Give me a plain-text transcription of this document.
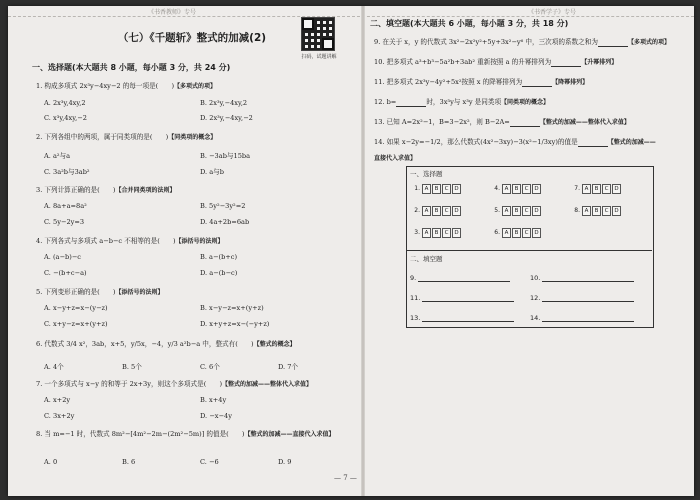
《书香教师》专号	《书香学子》专号
（七）《千题斩》整式的加减(2)
扫码，试题讲解
一、选择题(本大题共 8 小题，每小题 3 分，共 24 分)
1. 构成多项式 2x³y−4xy−2 的每一项是(　　)【多项式的项】
A. 2x³y,4xy,2	B. 2x³y,−4xy,2
C. x³y,4xy,−2	D. 2x³y,−4xy,−2
2. 下列各组中的两项，属于同类项的是(　　)【同类项的概念】
A. a²与a	B. −3ab与15ba
C. 3a²b与3ab²	D. a与b
3. 下列计算正确的是(　　)【合并同类项的法则】
A. 8a+a=8a²	B. 5y²−3y²=2
C. 5y−2y=3	D. 4a+2b=6ab
4. 下列各式与多项式 a−b−c 不相等的是(　　)【添括号的法则】
A. (a−b)−c	B. a−(b+c)
C. −(b+c−a)	D. a−(b−c)
5. 下列变形正确的是(　　)【添括号的法则】
A. x−y+z=x−(y−z)	B. x−y−z=x+(y+z)
C. x+y−z=x+(y+z)	D. x+y+z=x−(−y+z)
6. 代数式 3/4 x²，3ab，x+5，y/5x，−4，y/3 a²b−a 中，整式有(　　)【整式的概念】
A. 4个	B. 5个	C. 6个	D. 7个
7. 一个多项式与 x−y 的和等于 2x+3y，则这个多项式是(　　)【整式的加减——整体代入求值】
A. x+2y	B. x+4y
C. 3x+2y	D. −x−4y
8. 当 m=−1 时，代数式 8m²−[4m²−2m−(2m²−5m)] 的值是(　　)【整式的加减——直接代入求值】
A. 0	B. 6	C. −6	D. 9
二、填空题(本大题共 6 小题，每小题 3 分，共 18 分)
9. 在关于 x，y 的代数式 3x²−2x²y²+5y+3x²−y⁶ 中，三次项的系数之和为	【多项式的项】
10. 把多项式 a³+b³−5a²b+3ab² 重新按照 a 的升幂排列为	【升幂排列】
11. 把多项式 2x³y−4y²+5x²按照 x 的降幂排列为	【降幂排列】
12. b=	时，3x³y与 x³y 是同类项【同类项的概念】
13. 已知 A=2x²−1，B=3−2x²，则 B−2A=	【整式的加减——整体代入求值】
14. 如果 x−2y=−1/2，那么代数式(4x²−3xy)−3(x²−1/3xy)的值是	【整式的加减——
直接代入求值】
一、选择题
二、填空题
1. A B C D	4. A B C D	7. A B C D
2. A B C D	5. A B C D	8. A B C D
3. A B C D	6. A B C D
9.	10.
11.	12.
13.	14.
— 7 —
